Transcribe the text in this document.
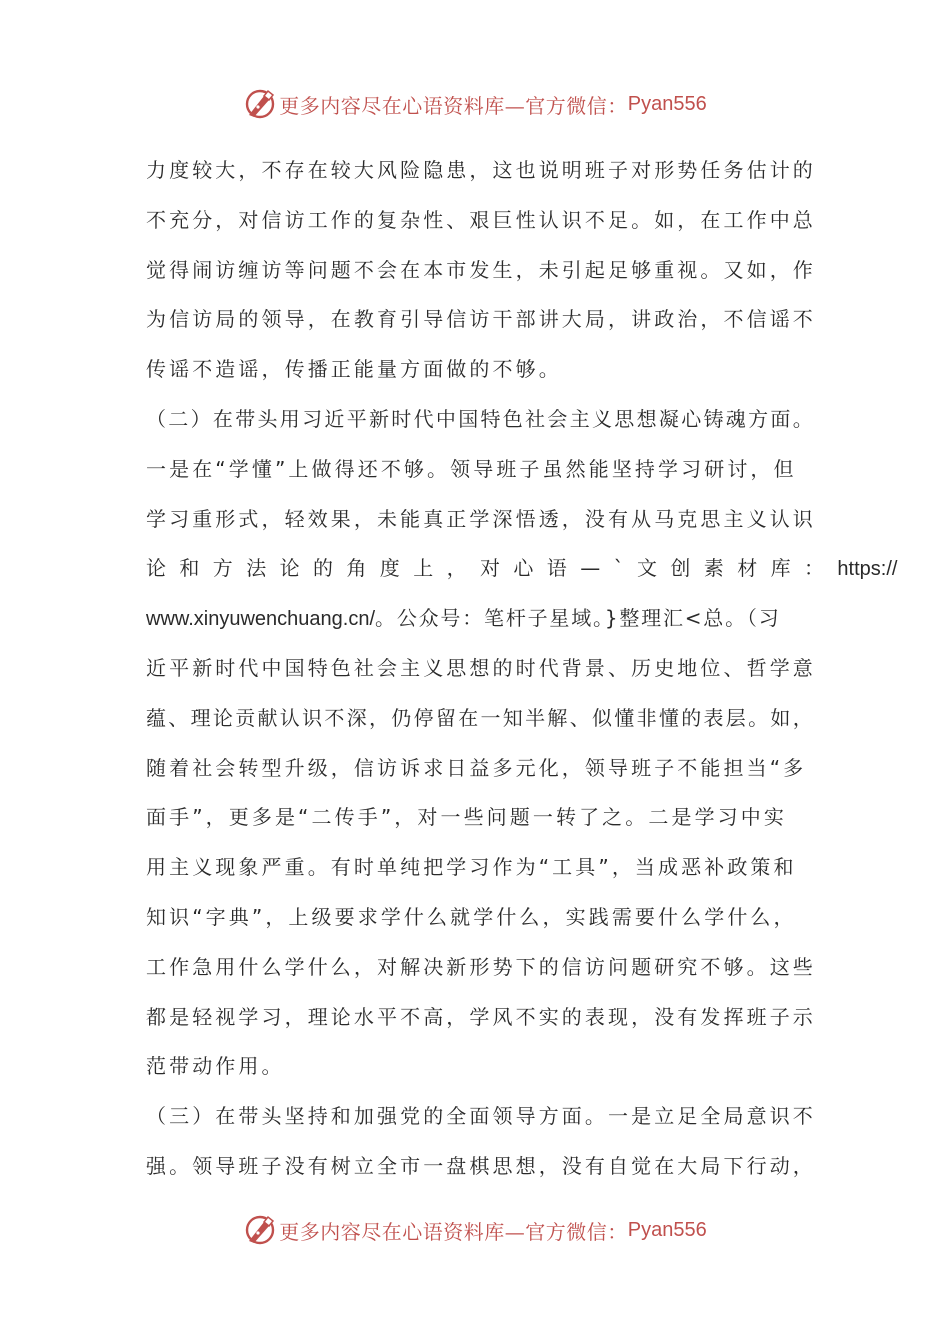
更多内容尽在心语资料库—官方微信： Pyan556
力度较大，不存在较大风险隐患，这也说明班子对形势任务估计的
不充分，对信访工作的复杂性、艰巨性认识不足。如，在工作中总
觉得闹访缠访等问题不会在本市发生，未引起足够重视。又如，作
为信访局的领导，在教育引导信访干部讲大局，讲政治，不信谣不
传谣不造谣，传播正能量方面做的不够。
（二）在带头用习近平新时代中国特色社会主义思想凝心铸魂方面。
一是在“学懂”上做得还不够。领导班子虽然能坚持学习研讨，但
学习重形式，轻效果，未能真正学深悟透，没有从马克思主义认识
论和方法论的角度上，对心语—`文创素材库：https://
www.xinyuwenchuang.cn/。公众号：笔杆子星域。}整理汇<总。（习
近平新时代中国特色社会主义思想的时代背景、历史地位、哲学意
蕴、理论贡献认识不深，仍停留在一知半解、似懂非懂的表层。如，
随着社会转型升级，信访诉求日益多元化，领导班子不能担当“多
面手”，更多是“二传手”，对一些问题一转了之。二是学习中实
用主义现象严重。有时单纯把学习作为“工具”，当成恶补政策和
知识“字典”，上级要求学什么就学什么，实践需要什么学什么，
工作急用什么学什么，对解决新形势下的信访问题研究不够。这些
都是轻视学习，理论水平不高，学风不实的表现，没有发挥班子示
范带动作用。
（三）在带头坚持和加强党的全面领导方面。一是立足全局意识不
强。领导班子没有树立全市一盘棋思想，没有自觉在大局下行动，
更多内容尽在心语资料库—官方微信： Pyan556
